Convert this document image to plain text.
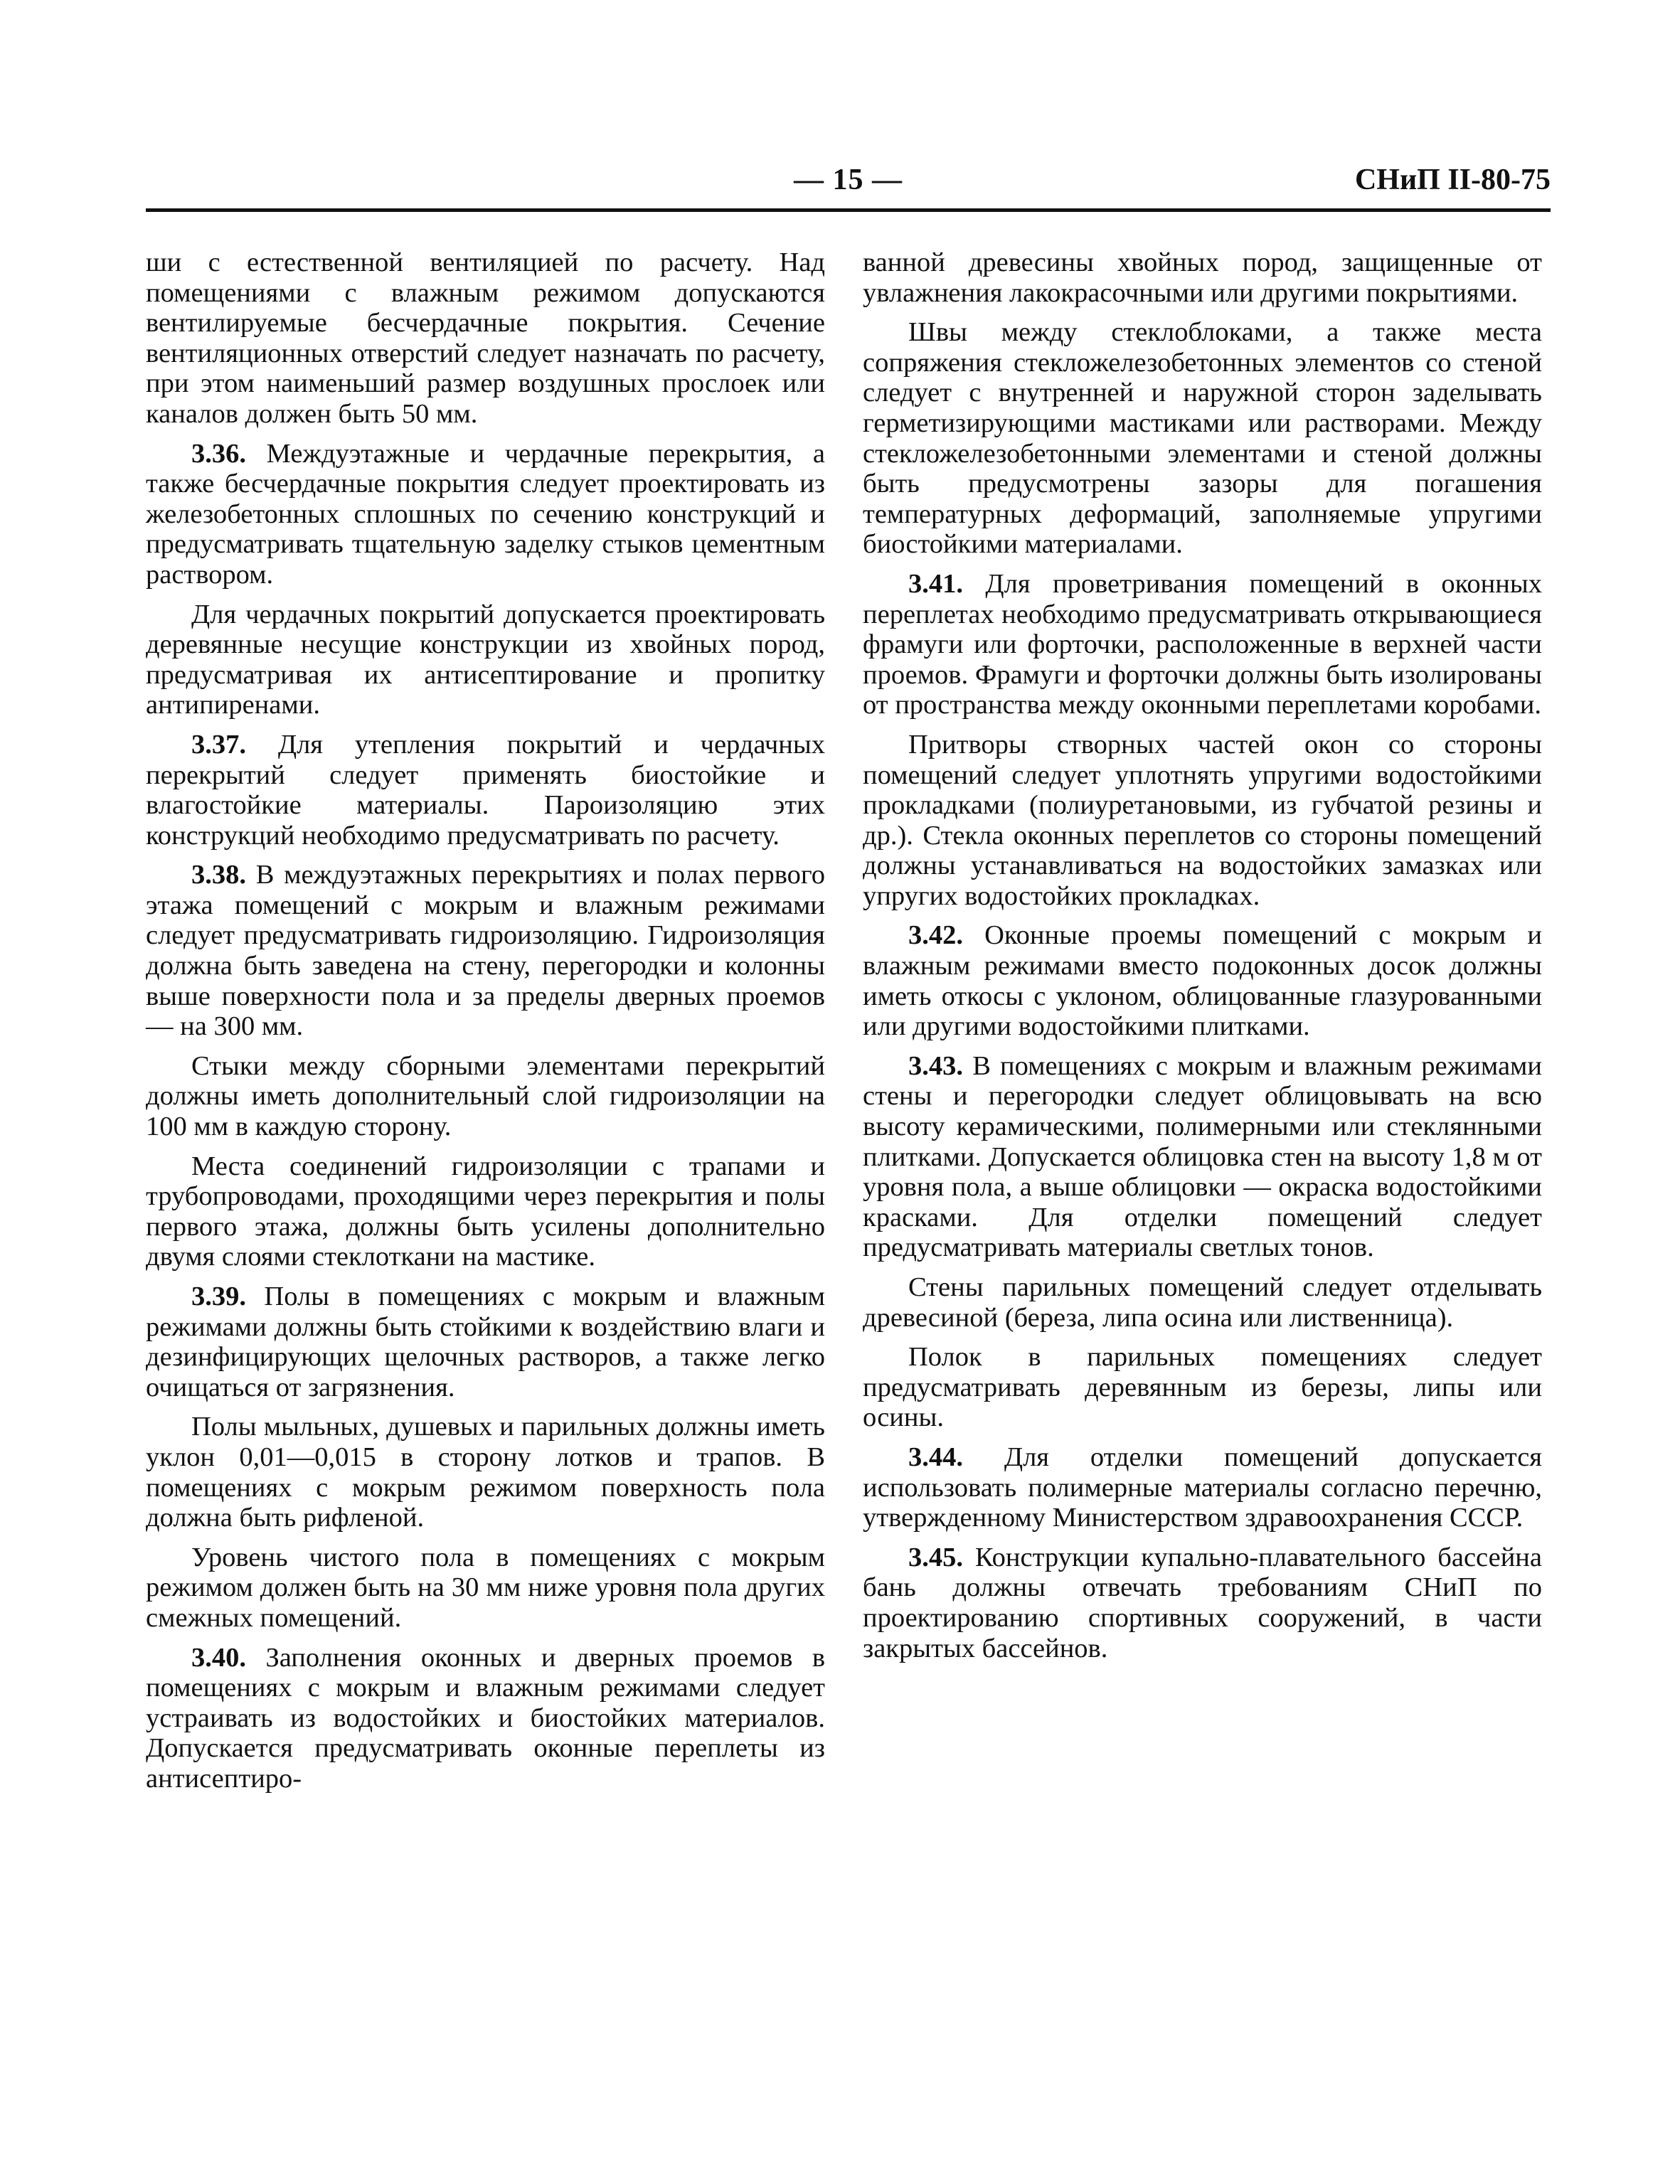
— 15 —	СНиП II-80-75

ши с естественной вентиляцией по расчету. Над помещениями с влажным режимом допускаются вентилируемые бесчердачные покрытия. Сечение вентиляционных отверстий следует назначать по расчету, при этом наименьший размер воздушных прослоек или каналов должен быть 50 мм.

3.36. Междуэтажные и чердачные перекрытия, а также бесчердачные покрытия следует проектировать из железобетонных сплошных по сечению конструкций и предусматривать тщательную заделку стыков цементным раствором.

Для чердачных покрытий допускается проектировать деревянные несущие конструкции из хвойных пород, предусматривая их антисептирование и пропитку антипиренами.

3.37. Для утепления покрытий и чердачных перекрытий следует применять биостойкие и влагостойкие материалы. Пароизоляцию этих конструкций необходимо предусматривать по расчету.

3.38. В междуэтажных перекрытиях и полах первого этажа помещений с мокрым и влажным режимами следует предусматривать гидроизоляцию. Гидроизоляция должна быть заведена на стену, перегородки и колонны выше поверхности пола и за пределы дверных проемов — на 300 мм.

Стыки между сборными элементами перекрытий должны иметь дополнительный слой гидроизоляции на 100 мм в каждую сторону.

Места соединений гидроизоляции с трапами и трубопроводами, проходящими через перекрытия и полы первого этажа, должны быть усилены дополнительно двумя слоями стеклоткани на мастике.

3.39. Полы в помещениях с мокрым и влажным режимами должны быть стойкими к воздействию влаги и дезинфицирующих щелочных растворов, а также легко очищаться от загрязнения.

Полы мыльных, душевых и парильных должны иметь уклон 0,01—0,015 в сторону лотков и трапов. В помещениях с мокрым режимом поверхность пола должна быть рифленой.

Уровень чистого пола в помещениях с мокрым режимом должен быть на 30 мм ниже уровня пола других смежных помещений.

3.40. Заполнения оконных и дверных проемов в помещениях с мокрым и влажным режимами следует устраивать из водостойких и биостойких материалов. Допускается предусматривать оконные переплеты из антисептиро-

ванной древесины хвойных пород, защищенные от увлажнения лакокрасочными или другими покрытиями.

Швы между стеклоблоками, а также места сопряжения стекложелезобетонных элементов со стеной следует с внутренней и наружной сторон заделывать герметизирующими мастиками или растворами. Между стекложелезобетонными элементами и стеной должны быть предусмотрены зазоры для погашения температурных деформаций, заполняемые упругими биостойкими материалами.

3.41. Для проветривания помещений в оконных переплетах необходимо предусматривать открывающиеся фрамуги или форточки, расположенные в верхней части проемов. Фрамуги и форточки должны быть изолированы от пространства между оконными переплетами коробами.

Притворы створных частей окон со стороны помещений следует уплотнять упругими водостойкими прокладками (полиуретановыми, из губчатой резины и др.). Стекла оконных переплетов со стороны помещений должны устанавливаться на водостойких замазках или упругих водостойких прокладках.

3.42. Оконные проемы помещений с мокрым и влажным режимами вместо подоконных досок должны иметь откосы с уклоном, облицованные глазурованными или другими водостойкими плитками.

3.43. В помещениях с мокрым и влажным режимами стены и перегородки следует облицовывать на всю высоту керамическими, полимерными или стеклянными плитками. Допускается облицовка стен на высоту 1,8 м от уровня пола, а выше облицовки — окраска водостойкими красками. Для отделки помещений следует предусматривать материалы светлых тонов.

Стены парильных помещений следует отделывать древесиной (береза, липа осина или лиственница).

Полок в парильных помещениях следует предусматривать деревянным из березы, липы или осины.

3.44. Для отделки помещений допускается использовать полимерные материалы согласно перечню, утвержденному Министерством здравоохранения СССР.

3.45. Конструкции купально-плавательного бассейна бань должны отвечать требованиям СНиП по проектированию спортивных сооружений, в части закрытых бассейнов.
